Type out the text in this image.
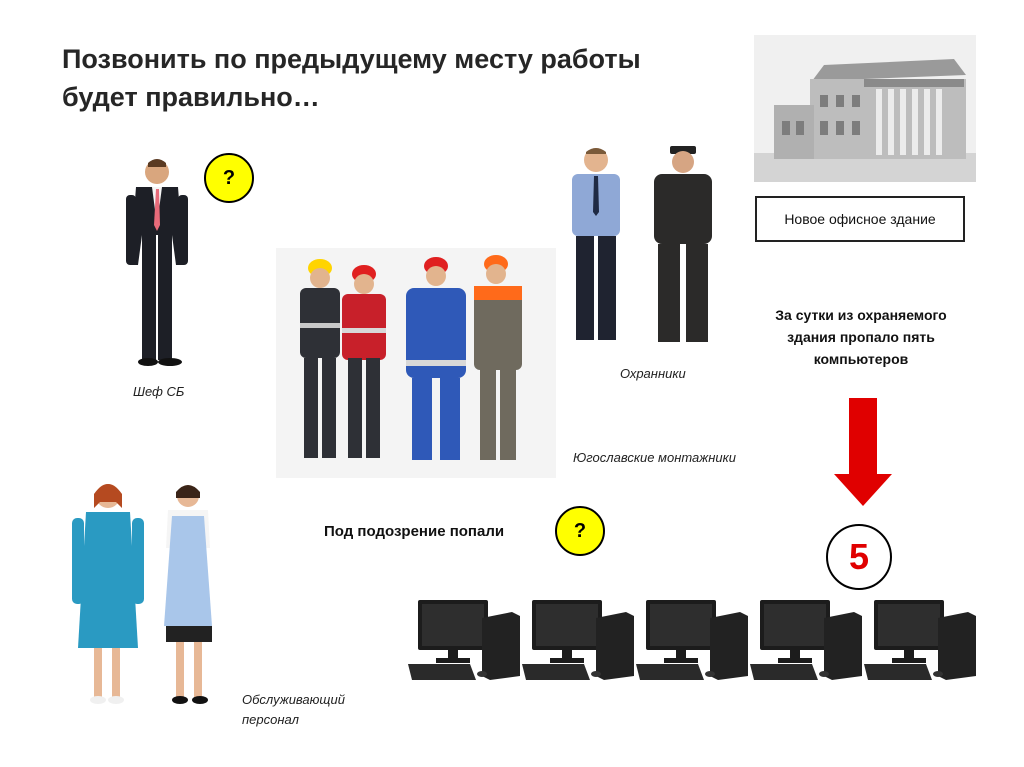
Позвонить по предыдущему месту работы
будет правильно…
?
Шеф СБ
Югославские монтажники
Охранники
Новое офисное здание
За сутки из охраняемого
здания пропало пять
компьютеров
5
Обслуживающий
персонал
Под подозрение попали	?
